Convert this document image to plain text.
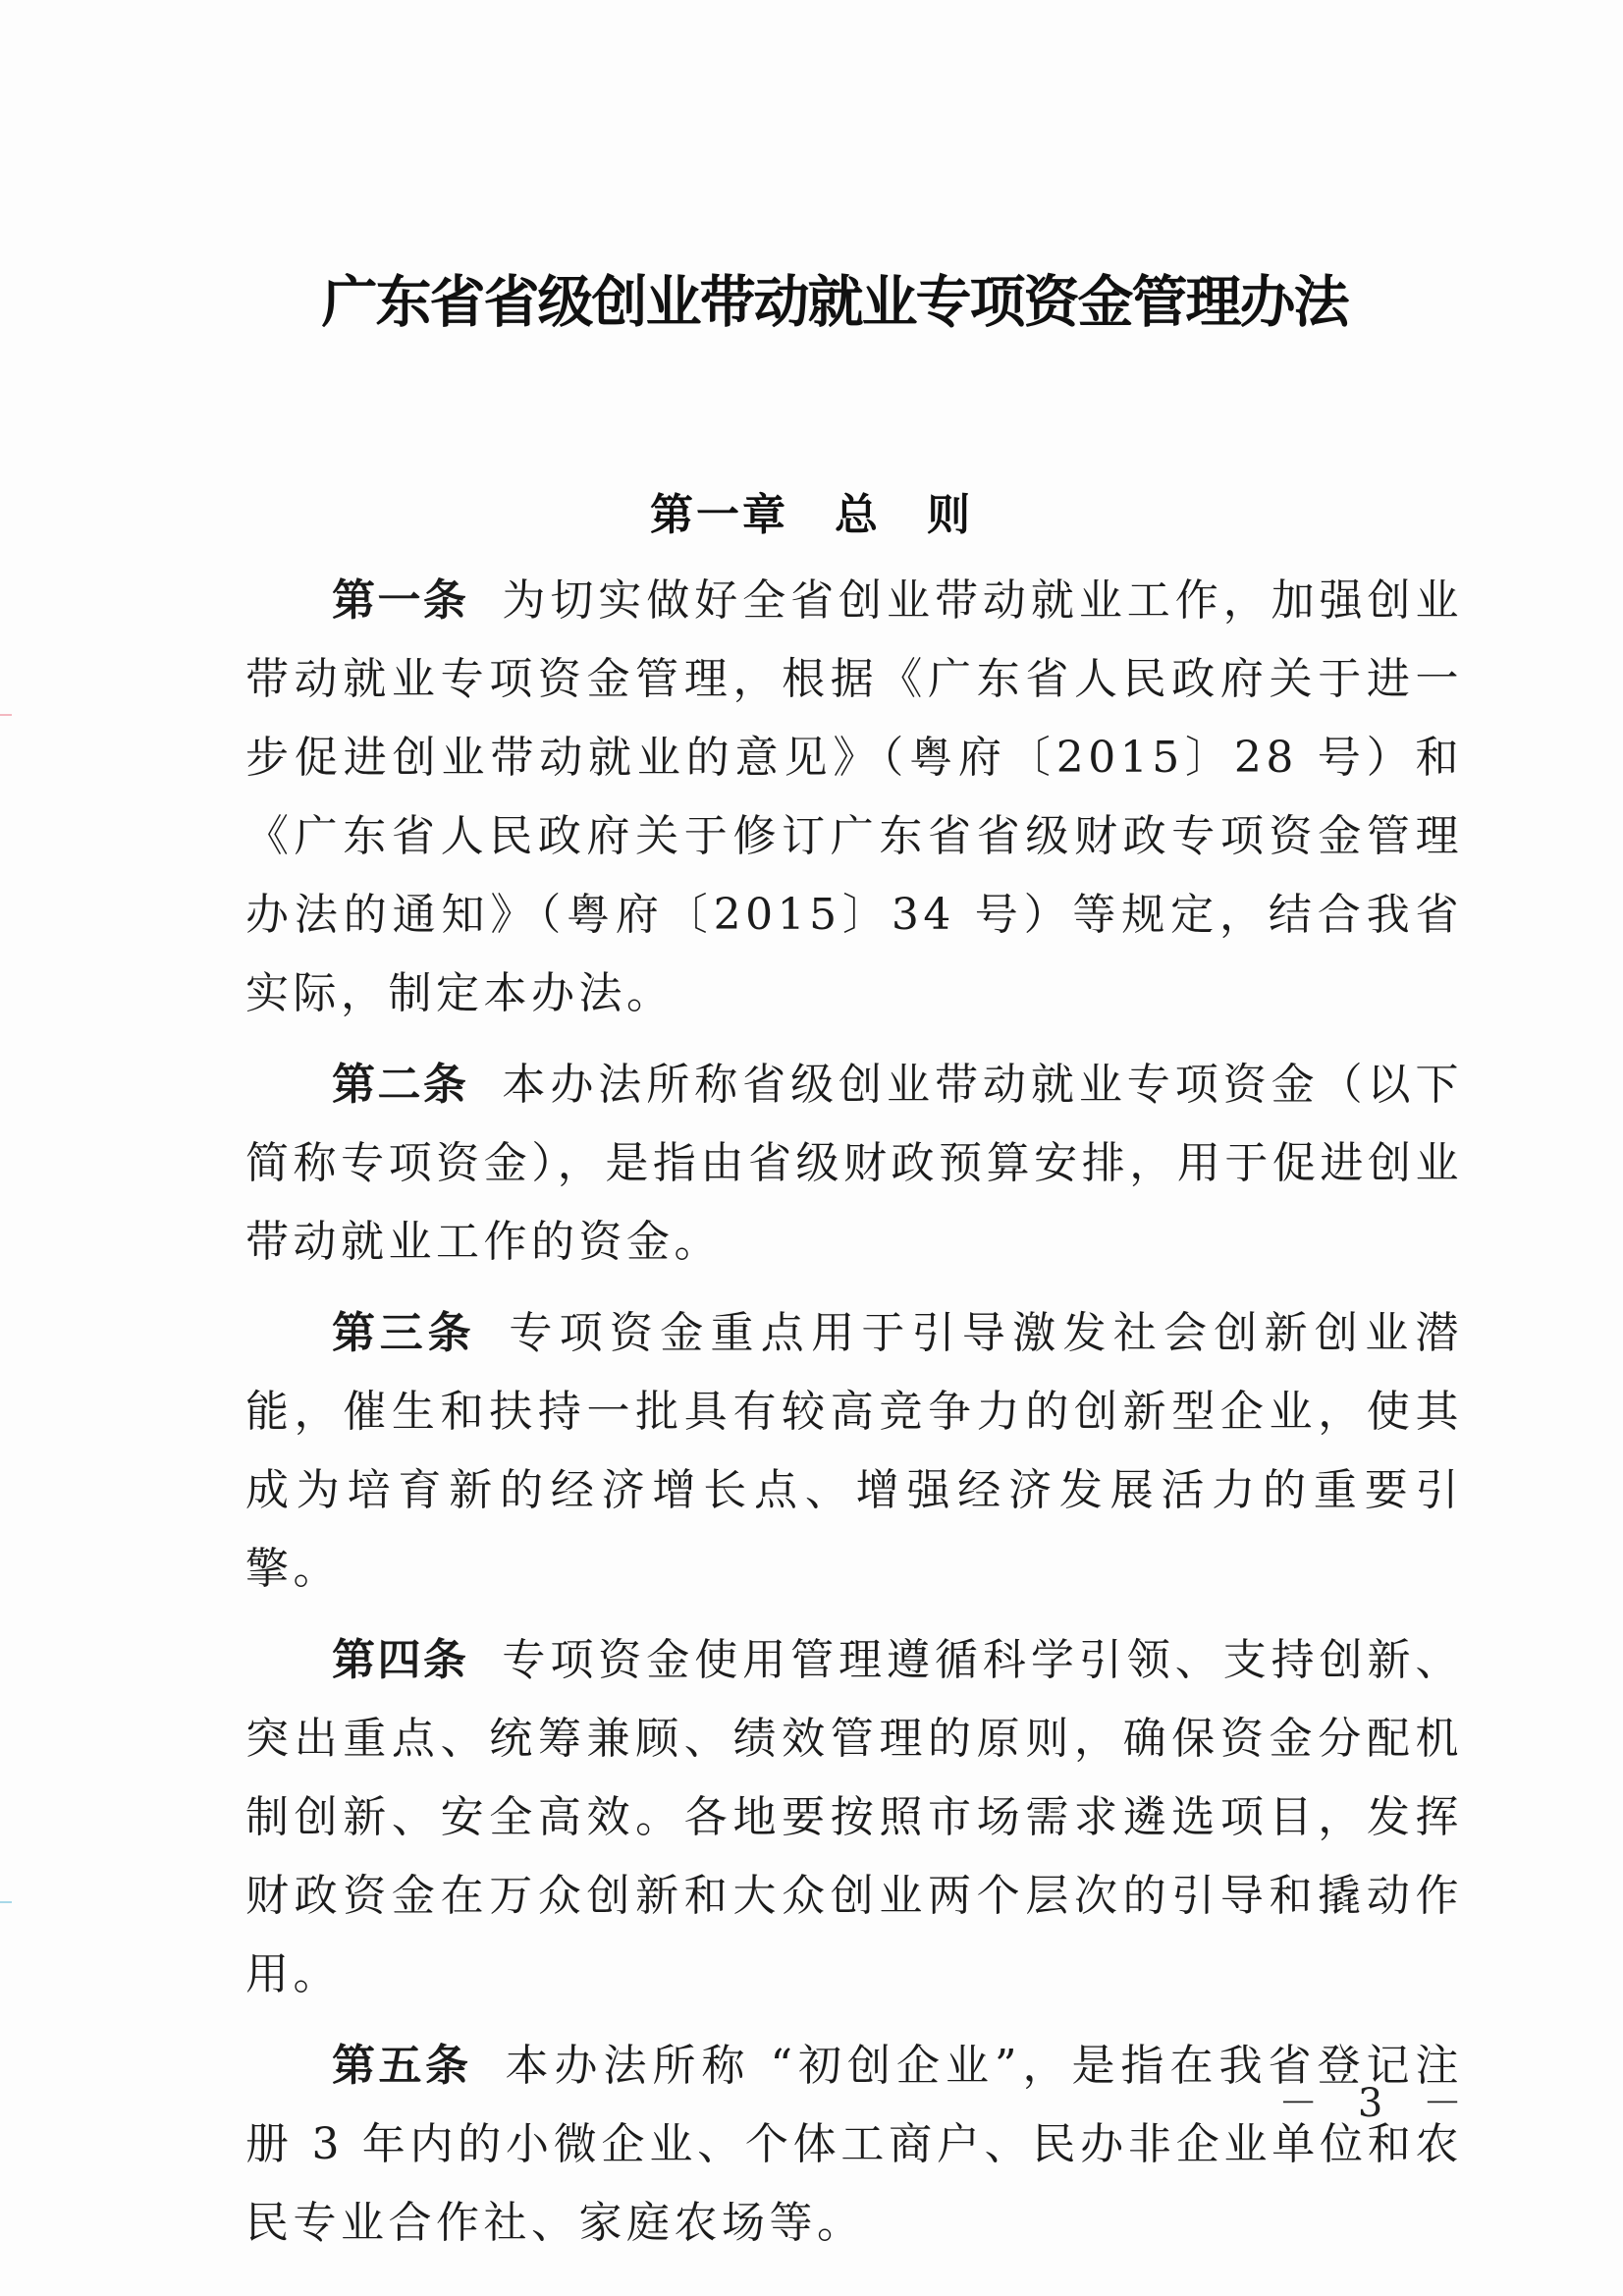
广东省省级创业带动就业专项资金管理办法
第一章　总　则

第一条 为切实做好全省创业带动就业工作，加强创业带动就业专项资金管理，根据《广东省人民政府关于进一步促进创业带动就业的意见》（粤府〔2015〕28 号）和《广东省人民政府关于修订广东省省级财政专项资金管理办法的通知》（粤府〔2015〕34 号）等规定，结合我省实际，制定本办法。

第二条 本办法所称省级创业带动就业专项资金（以下简称专项资金），是指由省级财政预算安排，用于促进创业带动就业工作的资金。

第三条 专项资金重点用于引导激发社会创新创业潜能，催生和扶持一批具有较高竞争力的创新型企业，使其成为培育新的经济增长点、增强经济发展活力的重要引擎。

第四条 专项资金使用管理遵循科学引领、支持创新、突出重点、统筹兼顾、绩效管理的原则，确保资金分配机制创新、安全高效。各地要按照市场需求遴选项目，发挥财政资金在万众创新和大众创业两个层次的引导和撬动作用。

第五条 本办法所称 “初创企业”，是指在我省登记注册 3 年内的小微企业、个体工商户、民办非企业单位和农民专业合作社、家庭农场等。

－ 3 －
